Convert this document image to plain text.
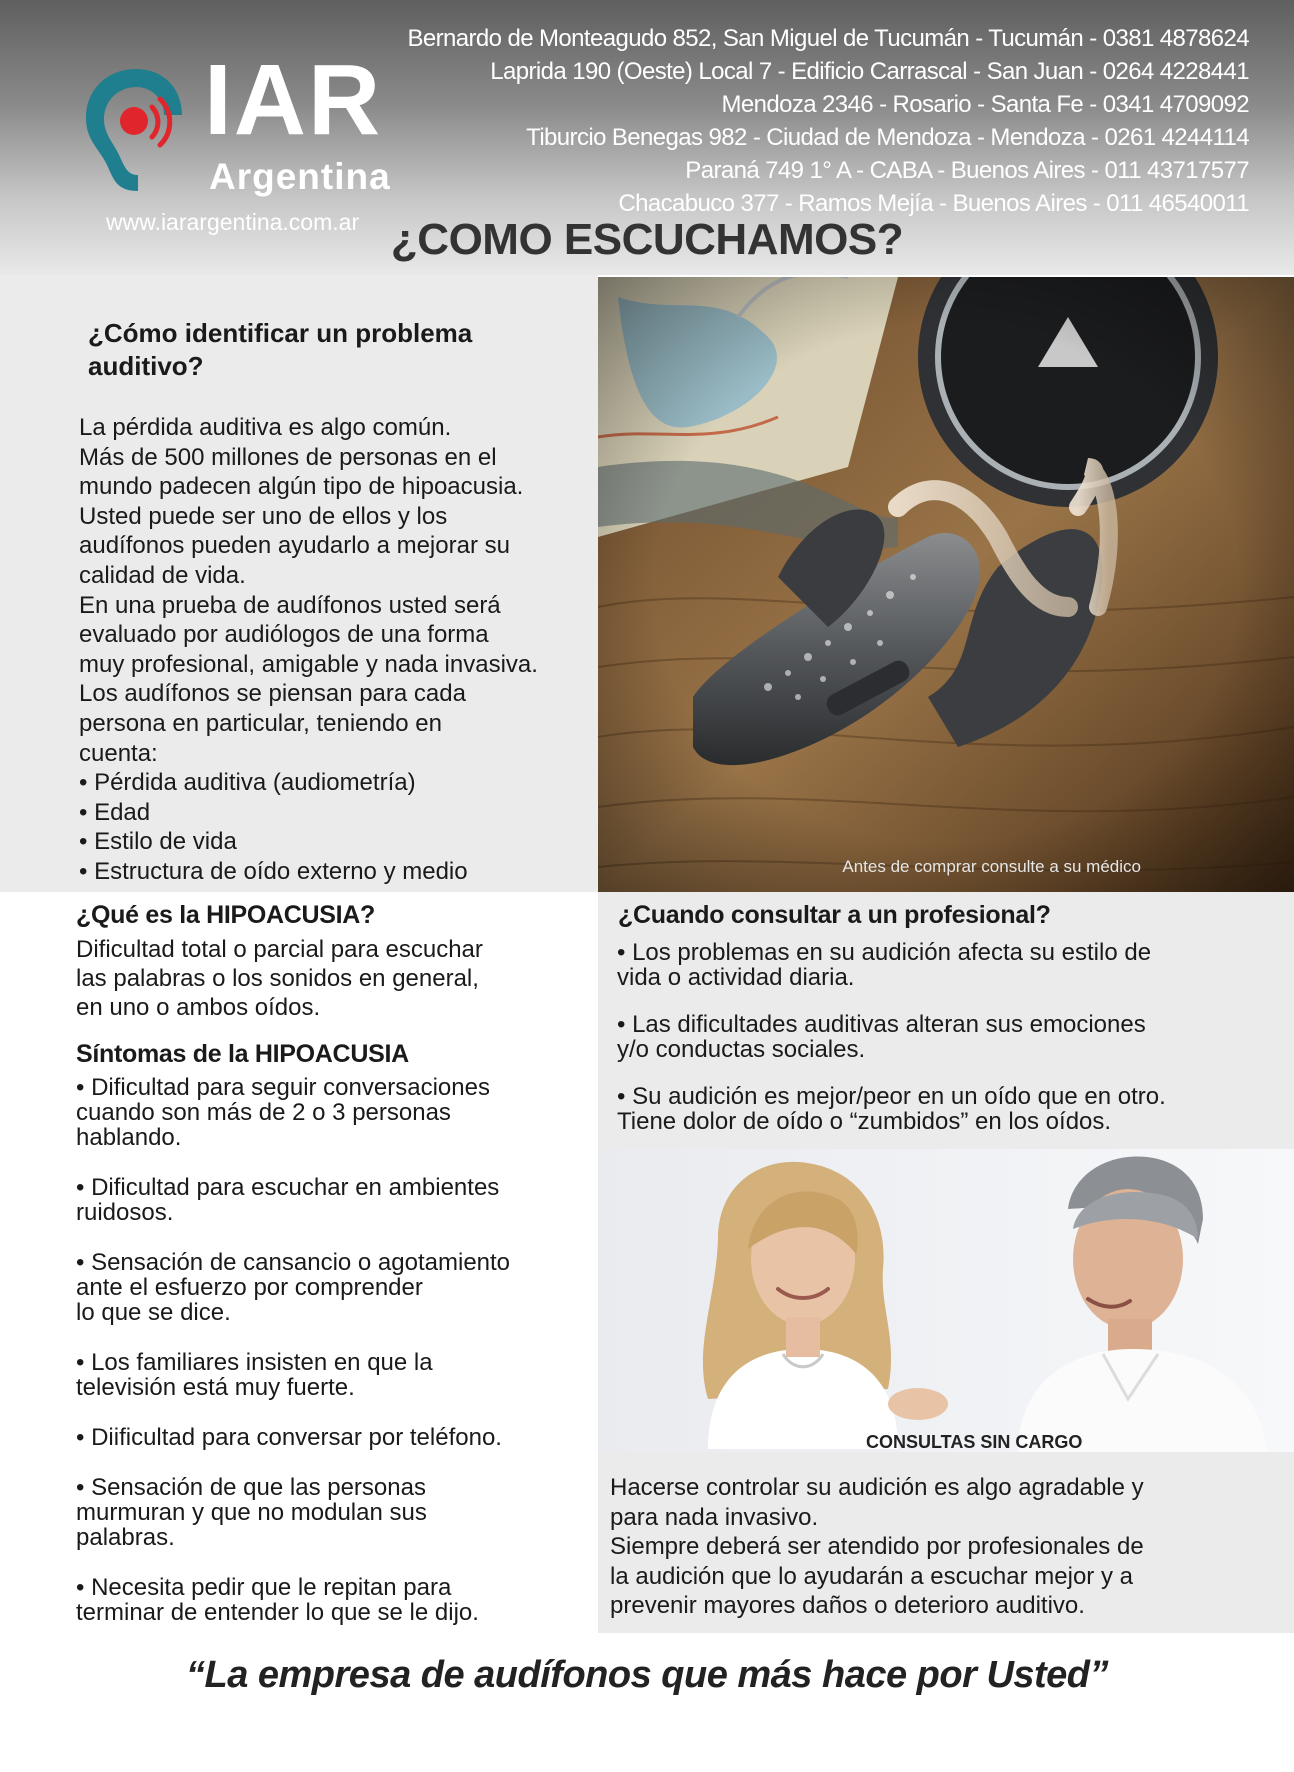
IAR
Argentina
www.iarargentina.com.ar
Bernardo de Monteagudo 852, San Miguel de Tucumán - Tucumán - 0381 4878624
Laprida 190 (Oeste) Local 7 - Edificio Carrascal - San Juan - 0264 4228441
Mendoza 2346 - Rosario - Santa Fe - 0341 4709092
Tiburcio Benegas 982 - Ciudad de Mendoza - Mendoza - 0261 4244114
Paraná 749 1° A - CABA - Buenos Aires - 011 43717577
Chacabuco 377 - Ramos Mejía - Buenos Aires - 011 46540011
¿COMO ESCUCHAMOS?
¿Cómo identificar un problema
auditivo?
La pérdida auditiva es algo común.
Más de 500 millones de personas en el
mundo padecen algún tipo de hipoacusia.
Usted puede ser uno de ellos y los
audífonos pueden ayudarlo a mejorar su
calidad de vida.
En una prueba de audífonos usted será
evaluado por audiólogos de una forma
muy profesional, amigable y nada invasiva.
Los audífonos se piensan para cada
persona en particular, teniendo en
cuenta:
• Pérdida auditiva (audiometría)
• Edad
• Estilo de vida
• Estructura de oído externo y medio	Antes de comprar consulte a su médico
¿Qué es la HIPOACUSIA?
Dificultad total o parcial para escuchar
las palabras o los sonidos en general,
en uno o ambos oídos.
Síntomas de la HIPOACUSIA
• Dificultad para seguir conversaciones
cuando son más de 2 o 3 personas
hablando.
• Dificultad para escuchar en ambientes
ruidosos.
• Sensación de cansancio o agotamiento
ante el esfuerzo por comprender
lo que se dice.
• Los familiares insisten en que la
televisión está muy fuerte.
• Diificultad para conversar por teléfono.
• Sensación de que las personas
murmuran y que no modulan sus
palabras.
• Necesita pedir que le repitan para
terminar de entender lo que se le dijo.
¿Cuando consultar a un profesional?
• Los problemas en su audición afecta su estilo de
vida o actividad diaria.
• Las dificultades auditivas alteran sus emociones
y/o conductas sociales.
• Su audición es mejor/peor en un oído que en otro.
Tiene dolor de oído o “zumbidos” en los oídos.
CONSULTAS SIN CARGO
Hacerse controlar su audición es algo agradable y
para nada invasivo.
Siempre deberá ser atendido por profesionales de
la audición que lo ayudarán a escuchar mejor y a
prevenir mayores daños o deterioro auditivo.
“La empresa de audífonos que más hace por Usted”
